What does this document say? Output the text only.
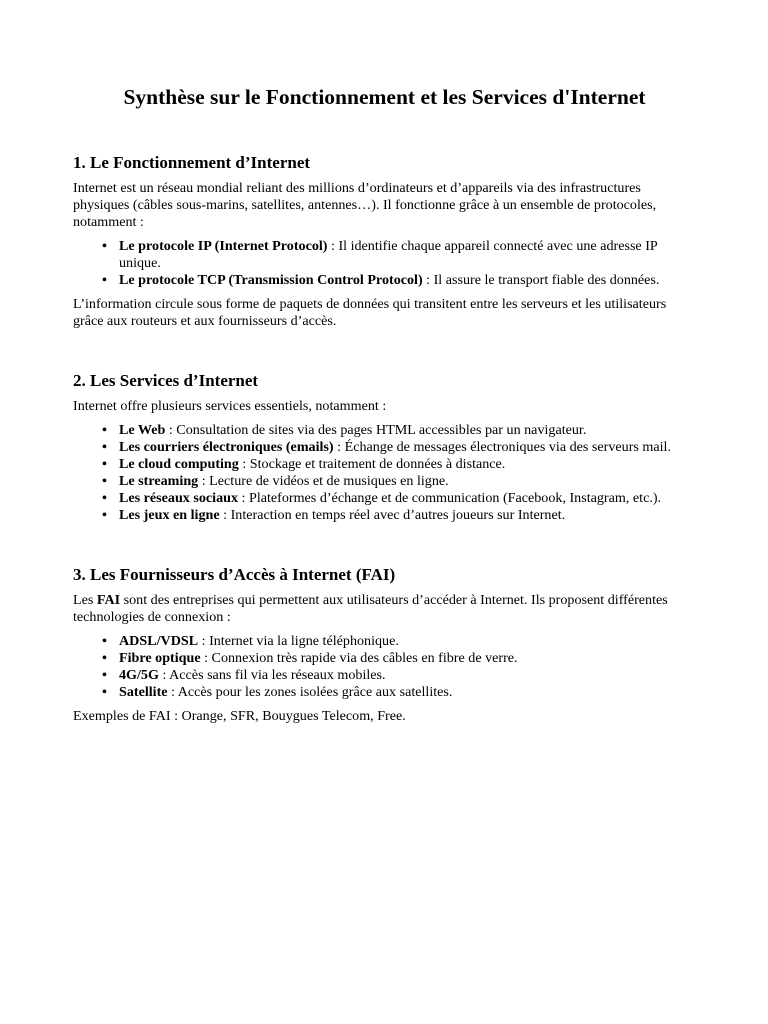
Synthèse sur le Fonctionnement et les Services d'Internet
1. Le Fonctionnement d’Internet

Internet est un réseau mondial reliant des millions d’ordinateurs et d’appareils via des infrastructures physiques (câbles sous-marins, satellites, antennes…). Il fonctionne grâce à un ensemble de protocoles, notamment :

• Le protocole IP (Internet Protocol) : Il identifie chaque appareil connecté avec une adresse IP unique.
• Le protocole TCP (Transmission Control Protocol) : Il assure le transport fiable des données.

L’information circule sous forme de paquets de données qui transitent entre les serveurs et les utilisateurs grâce aux routeurs et aux fournisseurs d’accès.

2. Les Services d’Internet

Internet offre plusieurs services essentiels, notamment :

• Le Web : Consultation de sites via des pages HTML accessibles par un navigateur.
• Les courriers électroniques (emails) : Échange de messages électroniques via des serveurs mail.
• Le cloud computing : Stockage et traitement de données à distance.
• Le streaming : Lecture de vidéos et de musiques en ligne.
• Les réseaux sociaux : Plateformes d’échange et de communication (Facebook, Instagram, etc.).
• Les jeux en ligne : Interaction en temps réel avec d’autres joueurs sur Internet.
3. Les Fournisseurs d’Accès à Internet (FAI)

Les FAI sont des entreprises qui permettent aux utilisateurs d’accéder à Internet. Ils proposent différentes technologies de connexion :

• ADSL/VDSL : Internet via la ligne téléphonique.
• Fibre optique : Connexion très rapide via des câbles en fibre de verre.
• 4G/5G : Accès sans fil via les réseaux mobiles.
• Satellite : Accès pour les zones isolées grâce aux satellites.

Exemples de FAI : Orange, SFR, Bouygues Telecom, Free.
